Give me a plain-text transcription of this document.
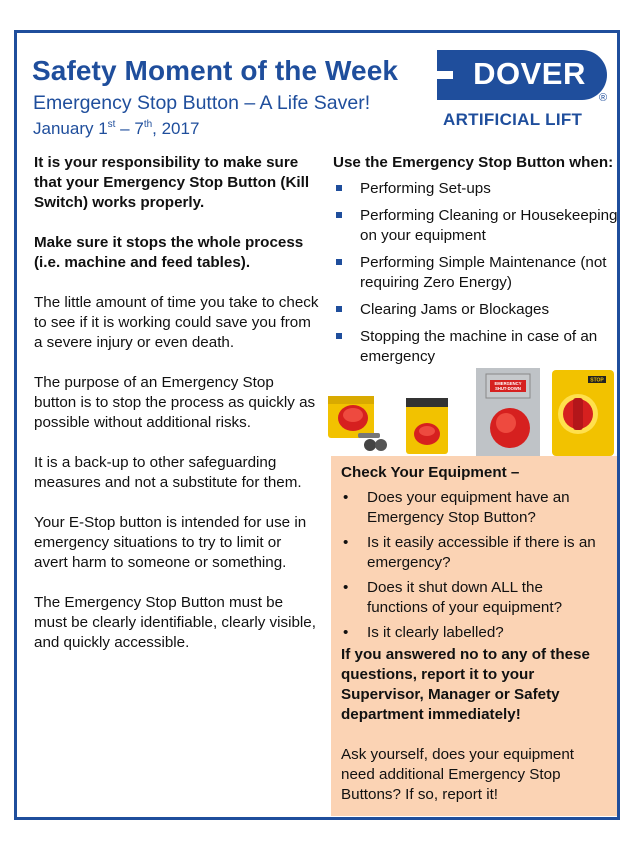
Safety Moment of the Week
Emergency Stop Button – A Life Saver!
January 1st – 7th, 2017
DOVER
®
ARTIFICIAL LIFT

It is your responsibility to make sure that your Emergency Stop Button (Kill Switch) works properly.

Make sure it stops the whole process (i.e. machine and feed tables).

The little amount of time you take to check to see if it is working could save you from a severe injury or even death.

The purpose of an Emergency Stop button is to stop the process as quickly as possible without additional risks.

It is a back-up to other safeguarding measures and not a substitute for them.

Your E-Stop button is intended for use in emergency situations to try to limit or avert harm to someone or something.

The Emergency Stop Button must be must be clearly identifiable, clearly visible, and quickly accessible.

Use the Emergency Stop Button when:
Performing Set-ups
Performing Cleaning or Housekeeping on your equipment
Performing Simple Maintenance (not requiring Zero Energy)
Clearing Jams or Blockages
Stopping the machine in case of an emergency
EMERGENCY
SHUT-DOWN
STOP
Check Your Equipment –
• Does your equipment have an Emergency Stop Button?
• Is it easily accessible if there is an emergency?
• Does it shut down ALL the functions of your equipment?
• Is it clearly labelled?
If you answered no to any of these questions, report it to your Supervisor, Manager or Safety department immediately!
Ask yourself, does your equipment need additional Emergency Stop Buttons? If so, report it!
